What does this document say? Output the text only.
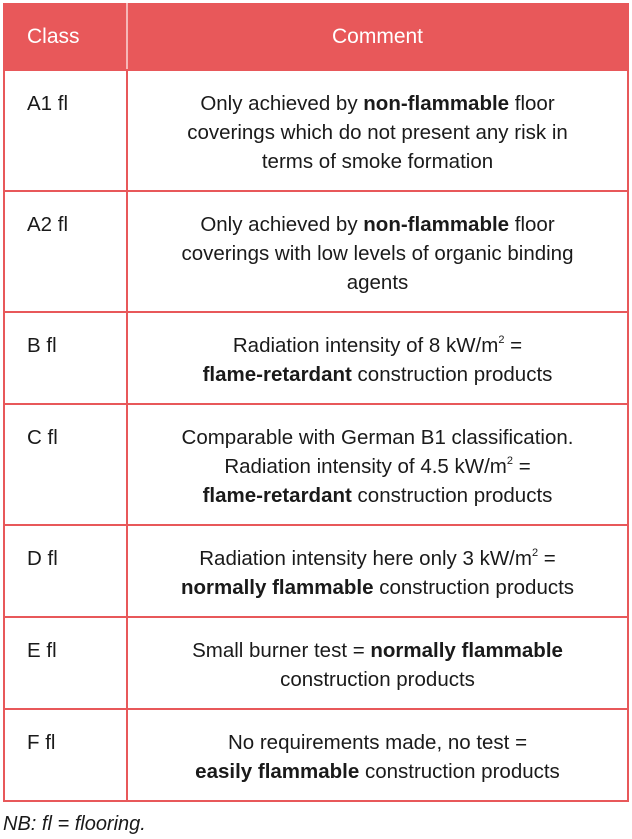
Class	Comment
A1 fl	Only achieved by non-flammable floor
coverings which do not present any risk in
terms of smoke formation
A2 fl	Only achieved by non-flammable floor
coverings with low levels of organic binding
agents
B fl	Radiation intensity of 8 $kW/m^2$ =
flame-retardant construction products
C fl	Comparable with German B1 classification.
Radiation intensity of 4.5 $kW/m^2$ =
flame-retardant construction products
D fl	Radiation intensity here only 3 $kW/m^2$ =
normally flammable construction products
E fl	Small burner test = normally flammable
construction products
F fl	No requirements made, no test =
easily flammable construction products
NB: fl = flooring.
